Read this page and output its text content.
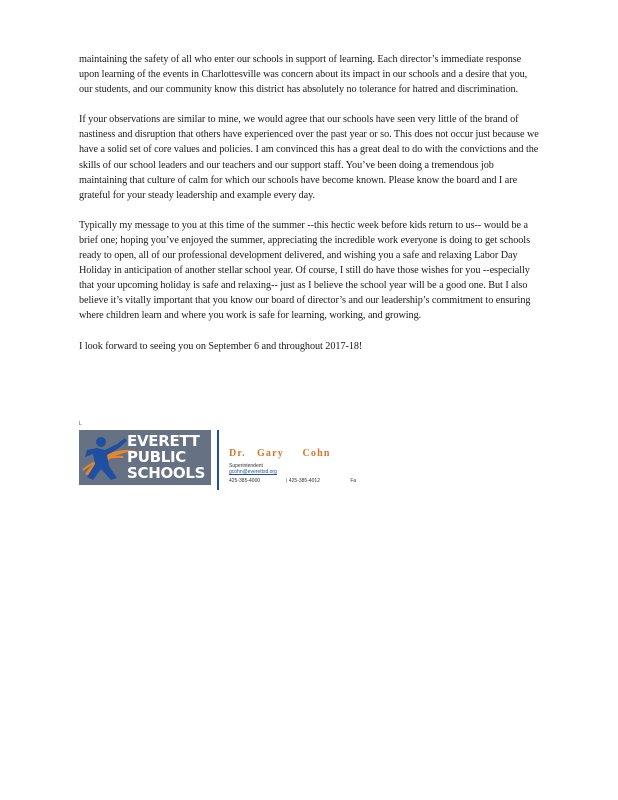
maintaining the safety of all who enter our schools in support of learning. Each director’s immediate response upon learning of the events in Charlottesville was concern about its impact in our schools and a desire that you, our students, and our community know this district has absolutely no tolerance for hatred and discrimination.

If your observations are similar to mine, we would agree that our schools have seen very little of the brand of nastiness and disruption that others have experienced over the past year or so. This does not occur just because we have a solid set of core values and policies. I am convinced this has a great deal to do with the convictions and the skills of our school leaders and our teachers and our support staff. You’ve been doing a tremendous job maintaining that culture of calm for which our schools have become known. Please know the board and I are grateful for your steady leadership and example every day.

Typically my message to you at this time of the summer --this hectic week before kids return to us-- would be a brief one; hoping you’ve enjoyed the summer, appreciating the incredible work everyone is doing to get schools ready to open, all of our professional development delivered, and wishing you a safe and relaxing Labor Day Holiday in anticipation of another stellar school year. Of course, I still do have those wishes for you --especially that your upcoming holiday is safe and relaxing-- just as I believe the school year will be a good one. But I also believe it’s vitally important that you know our board of director’s and our leadership’s commitment to ensuring where children learn and where you work is safe for learning, working, and growing.

I look forward to seeing you on September 6 and throughout 2017-18!

L
EVERETT
PUBLIC
SCHOOLS
Dr.   Gary     Cohn
Superintendent
gcohn@everettsd.org
425-385-4000	| 425-385-4012	Fa
